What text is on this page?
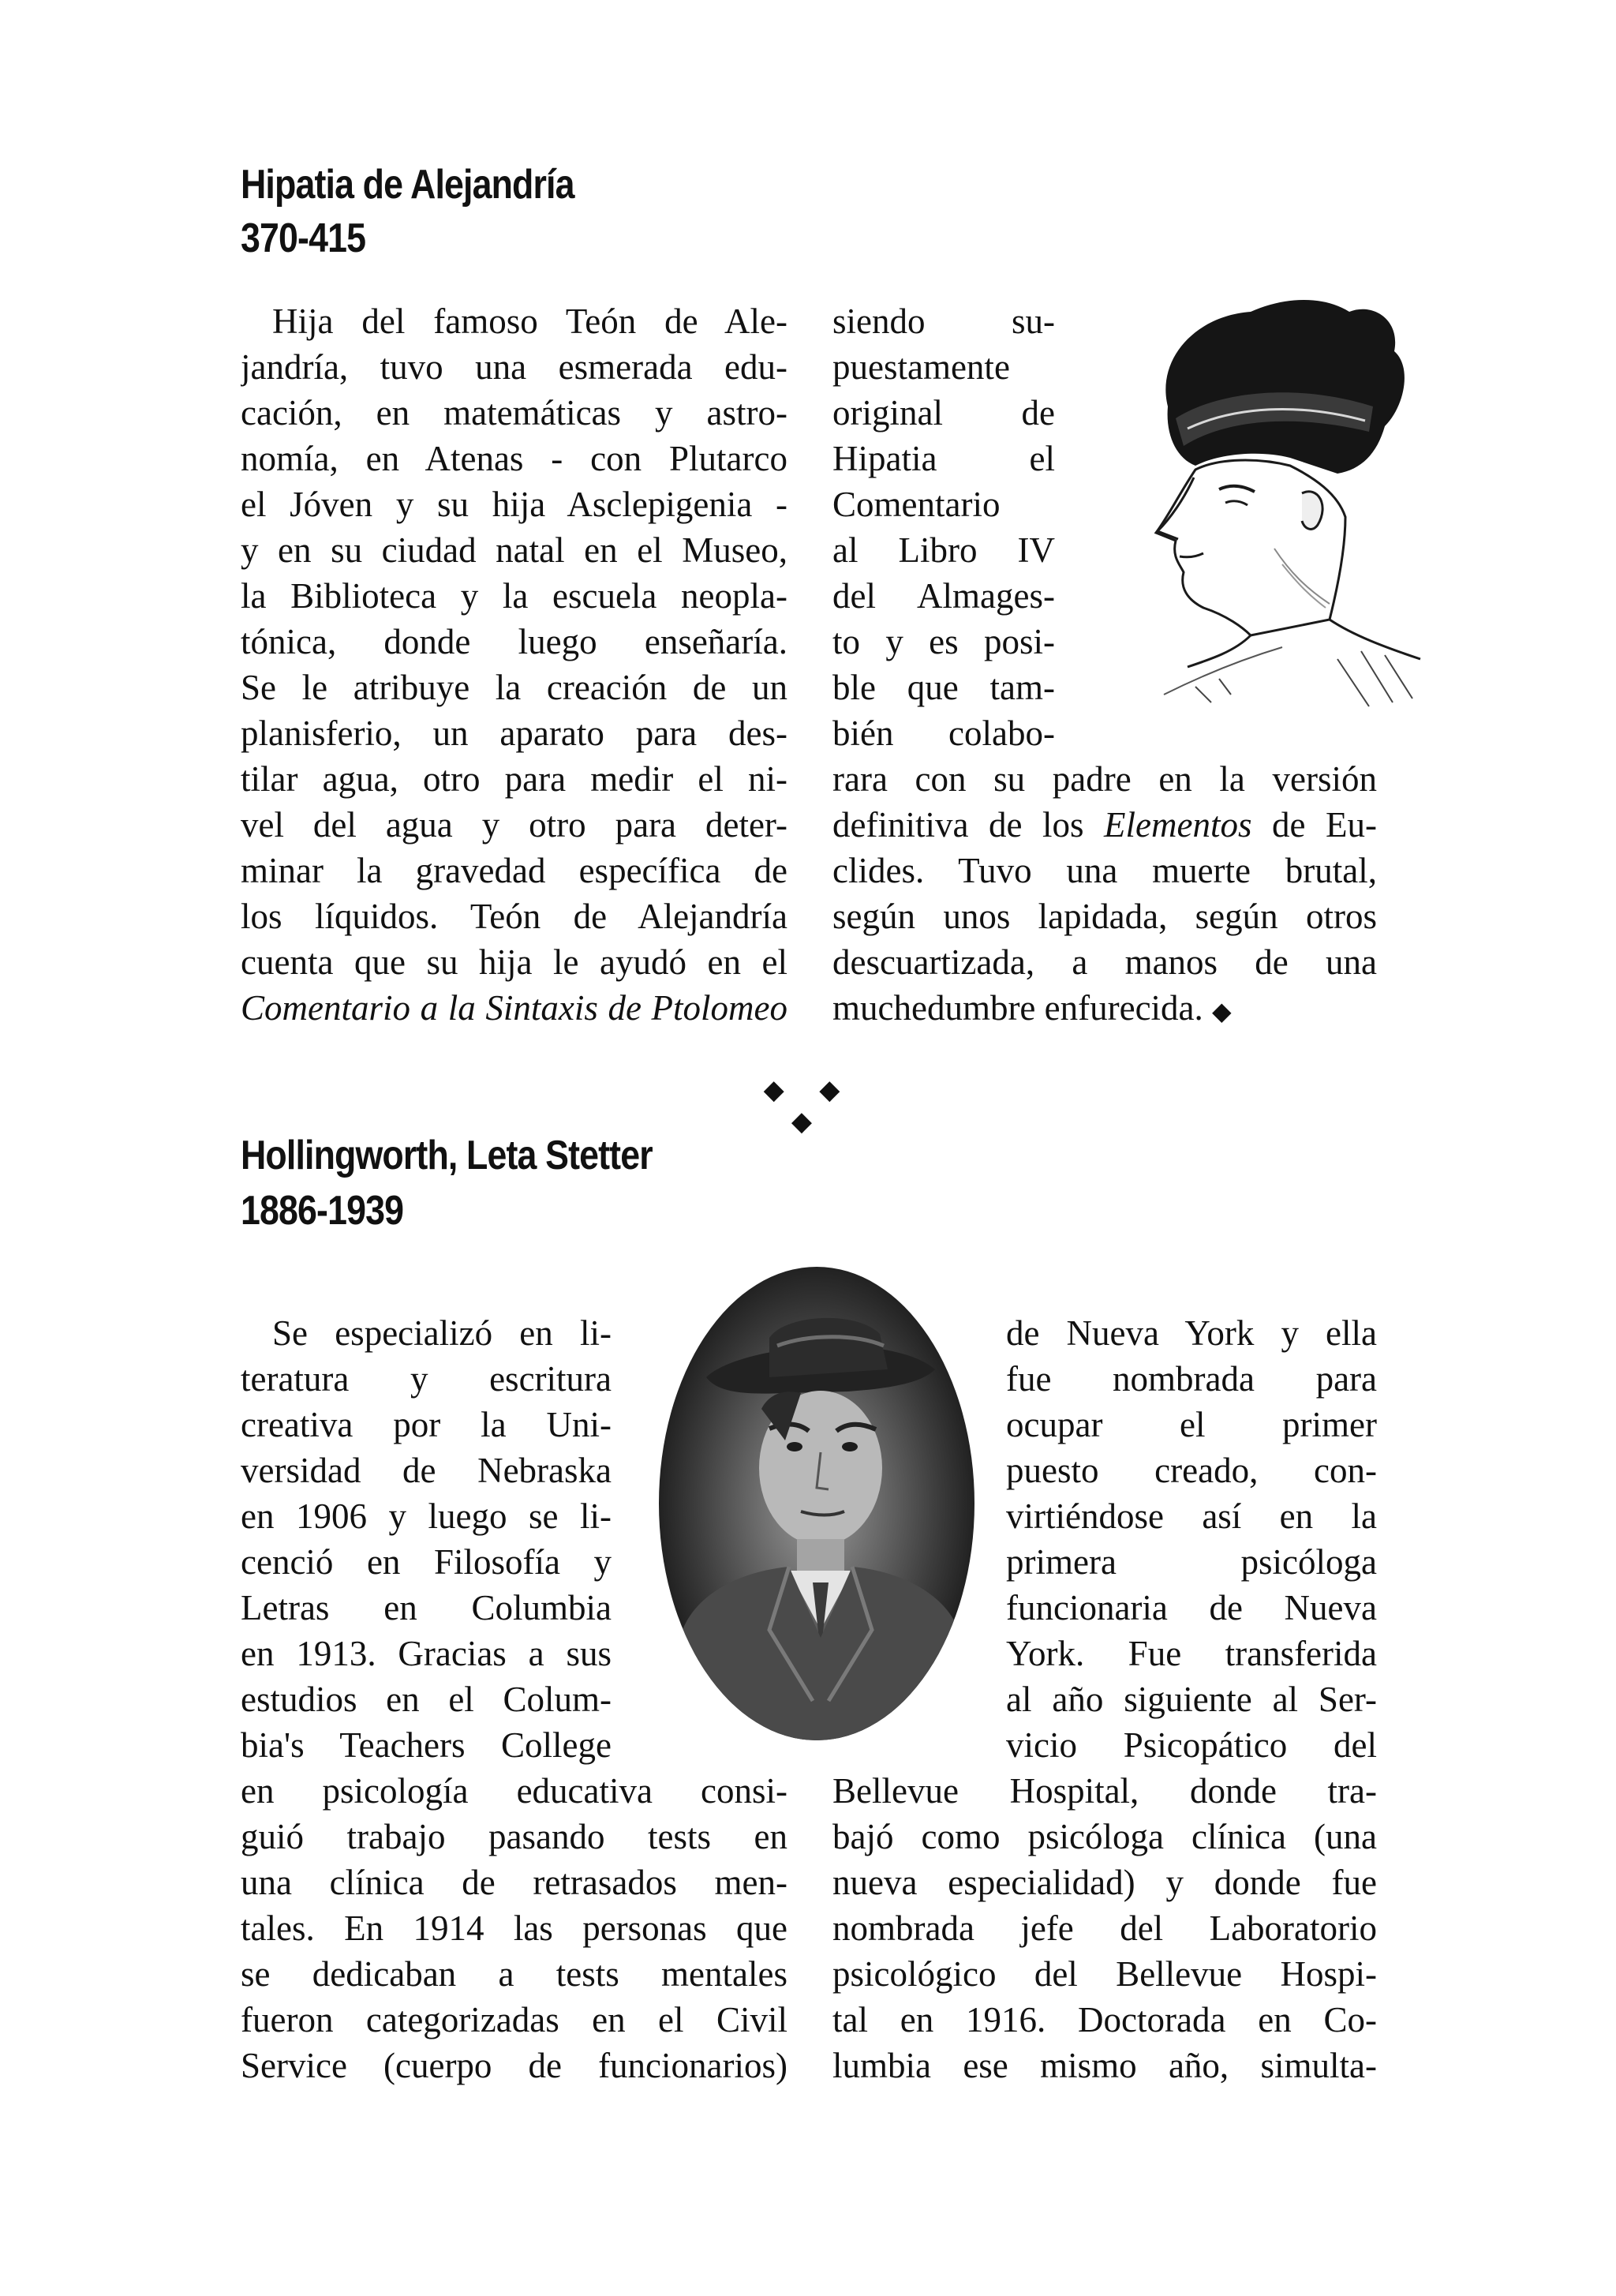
Hipatia de Alejandría
370-415
Hija del famoso Teón de Ale-
jandría, tuvo una esmerada edu-
cación, en matemáticas y astro-
nomía, en Atenas - con Plutarco
el Jóven y su hija Asclepigenia -
y en su ciudad natal en el Museo,
la Biblioteca y la escuela neopla-
tónica, donde luego enseñaría.
Se le atribuye la creación de un
planisferio, un aparato para des-
tilar agua, otro para medir el ni-
vel del agua y otro para deter-
minar la gravedad específica de
los líquidos. Teón de Alejandría
cuenta que su hija le ayudó en el
Comentario a la Sintaxis de Ptolomeo
siendo su-
puestamente
original de
Hipatia el
Comentario
al Libro IV
del Almages-
to y es posi-
ble que tam-
bién colabo-
rara con su padre en la versión
definitiva de los Elementos de Eu-
clides. Tuvo una muerte brutal,
según unos lapidada, según otros
descuartizada, a manos de una
muchedumbre enfurecida. ◆
◆ ◆ ◆
Hollingworth, Leta Stetter
1886-1939
Se especializó en li-
teratura y escritura
creativa por la Uni-
versidad de Nebraska
en 1906 y luego se li-
cenció en Filosofía y
Letras en Columbia
en 1913. Gracias a sus
estudios en el Colum-
bia's Teachers College
en psicología educativa consi-
guió trabajo pasando tests en
una clínica de retrasados men-
tales. En 1914 las personas que
se dedicaban a tests mentales
fueron categorizadas en el Civil
Service (cuerpo de funcionarios)
de Nueva York y ella
fue nombrada para
ocupar el primer
puesto creado, con-
virtiéndose así en la
primera psicóloga
funcionaria de Nueva
York. Fue transferida
al año siguiente al Ser-
vicio Psicopático del
Bellevue Hospital, donde tra-
bajó como psicóloga clínica (una
nueva especialidad) y donde fue
nombrada jefe del Laboratorio
psicológico del Bellevue Hospi-
tal en 1916. Doctorada en Co-
lumbia ese mismo año, simulta-
